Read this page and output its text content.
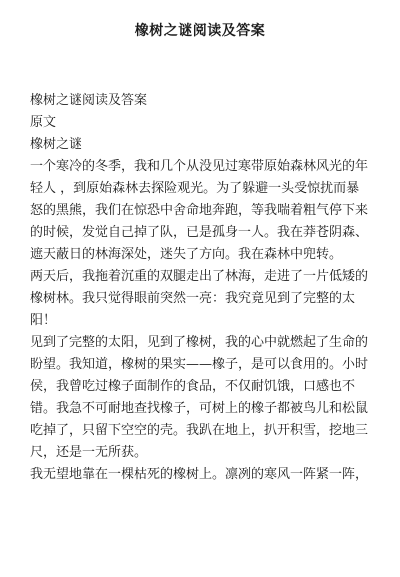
橡树之谜阅读及答案
橡树之谜阅读及答案
原文
橡树之谜
一个寒冷的冬季，我和几个从没见过寒带原始森林风光的年
轻人 ，到原始森林去探险观光。为了躲避一头受惊扰而暴
怒的黑熊，我们在惊恐中舍命地奔跑，等我喘着粗气停下来
的时候，发觉自己掉了队，已是孤身一人。我在莽苍阴森、
遮天蔽日的林海深处，迷失了方向。我在森林中兜转。
两天后，我拖着沉重的双腿走出了林海，走进了一片低矮的
橡树林。我只觉得眼前突然一亮：我究竟见到了完整的太
阳！
见到了完整的太阳，见到了橡树，我的心中就燃起了生命的
盼望。我知道，橡树的果实——橡子，是可以食用的。小时
侯，我曾吃过橡子面制作的食品，不仅耐饥饿，口感也不
错。我急不可耐地查找橡子，可树上的橡子都被鸟儿和松鼠
吃掉了，只留下空空的壳。我趴在地上，扒开积雪，挖地三
尺，还是一无所获。
我无望地靠在一棵枯死的橡树上。凛冽的寒风一阵紧一阵，
